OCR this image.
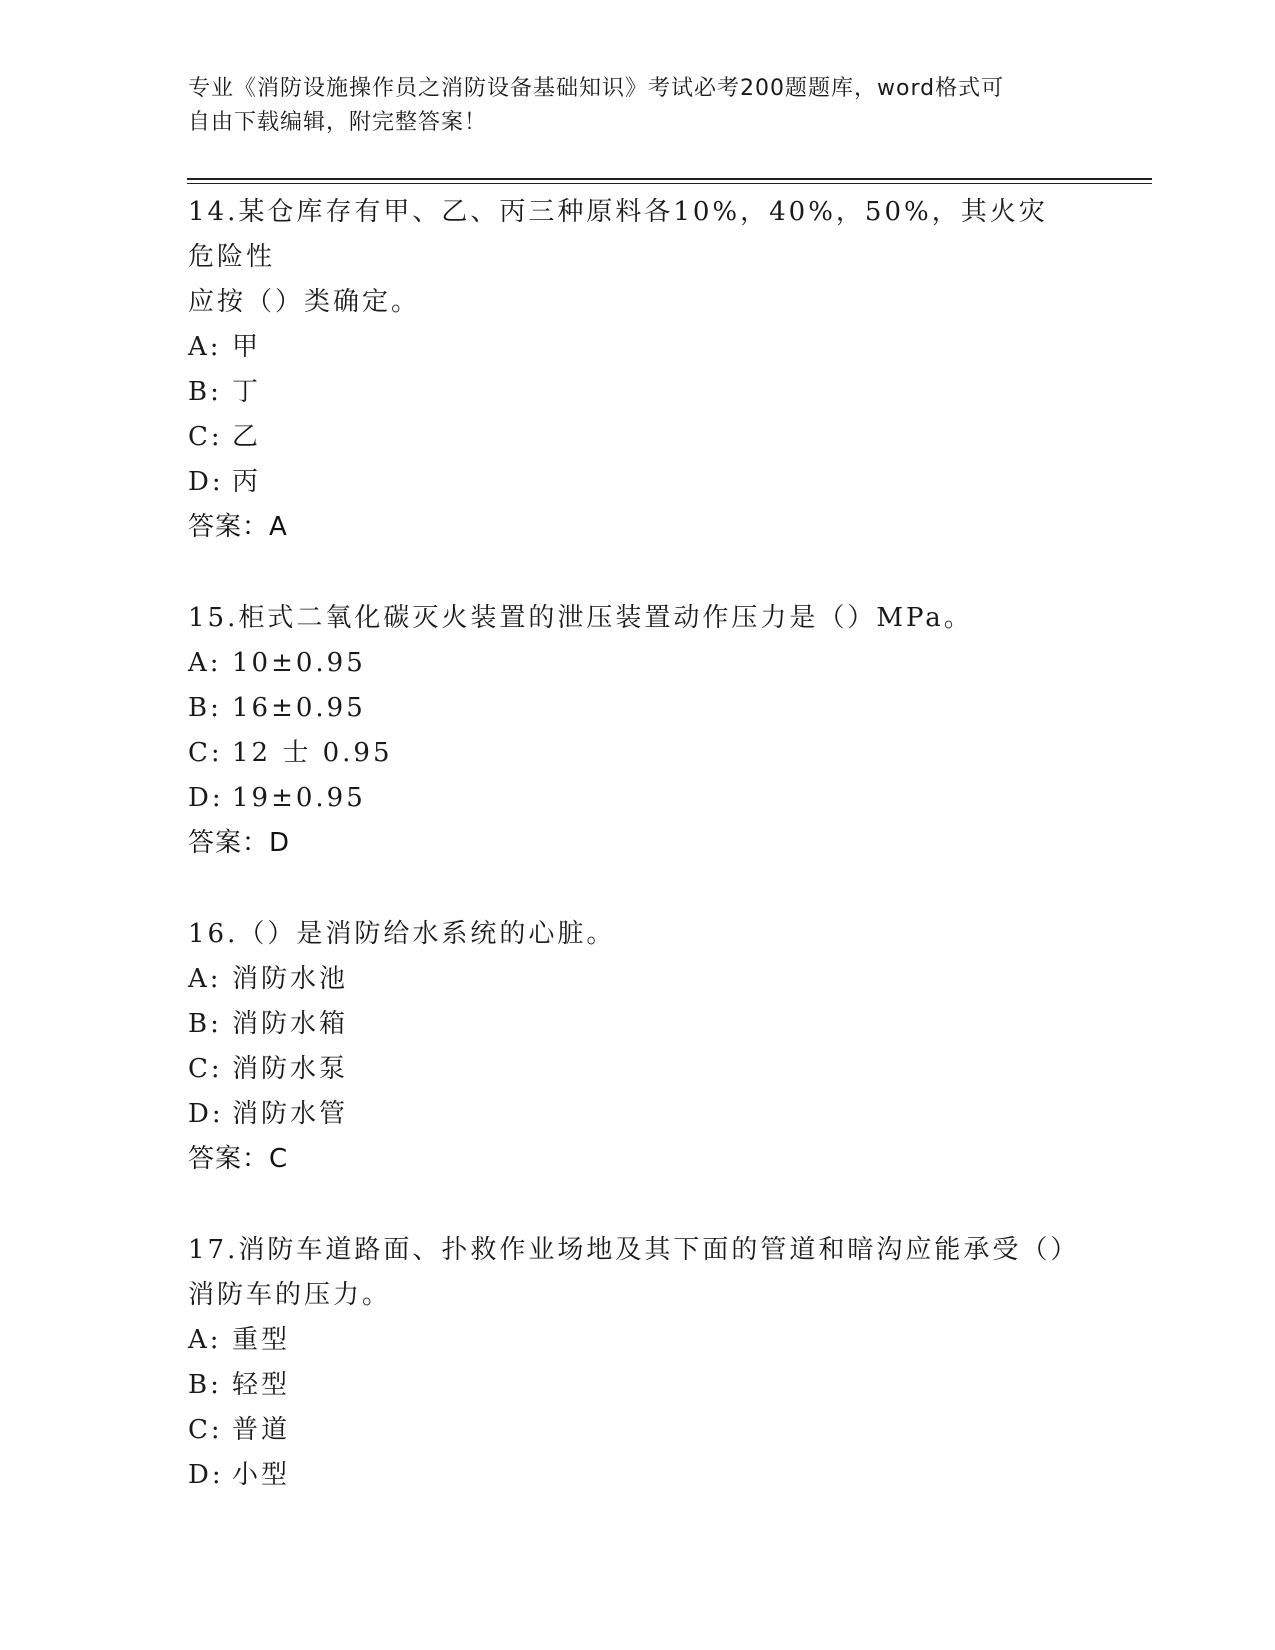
专业《消防设施操作员之消防设备基础知识》考试必考200题题库，word格式可
自由下载编辑，附完整答案！

14.某仓库存有甲、乙、丙三种原料各10%，40%，50%，其火灾危险性

应按（）类确定。

A: 甲

B: 丁

C: 乙

D: 丙

答案：A

15.柜式二氧化碳灭火装置的泄压装置动作压力是（）MPa。

A: 10±0.95

B: 16±0.95

C: 12 士 0.95

D: 19±0.95

答案：D

16.（）是消防给水系统的心脏。

A: 消防水池

B: 消防水箱

C: 消防水泵

D: 消防水管

答案：C

17.消防车道路面、扑救作业场地及其下面的管道和暗沟应能承受（）

消防车的压力。

A: 重型

B: 轻型

C: 普道

D: 小型
